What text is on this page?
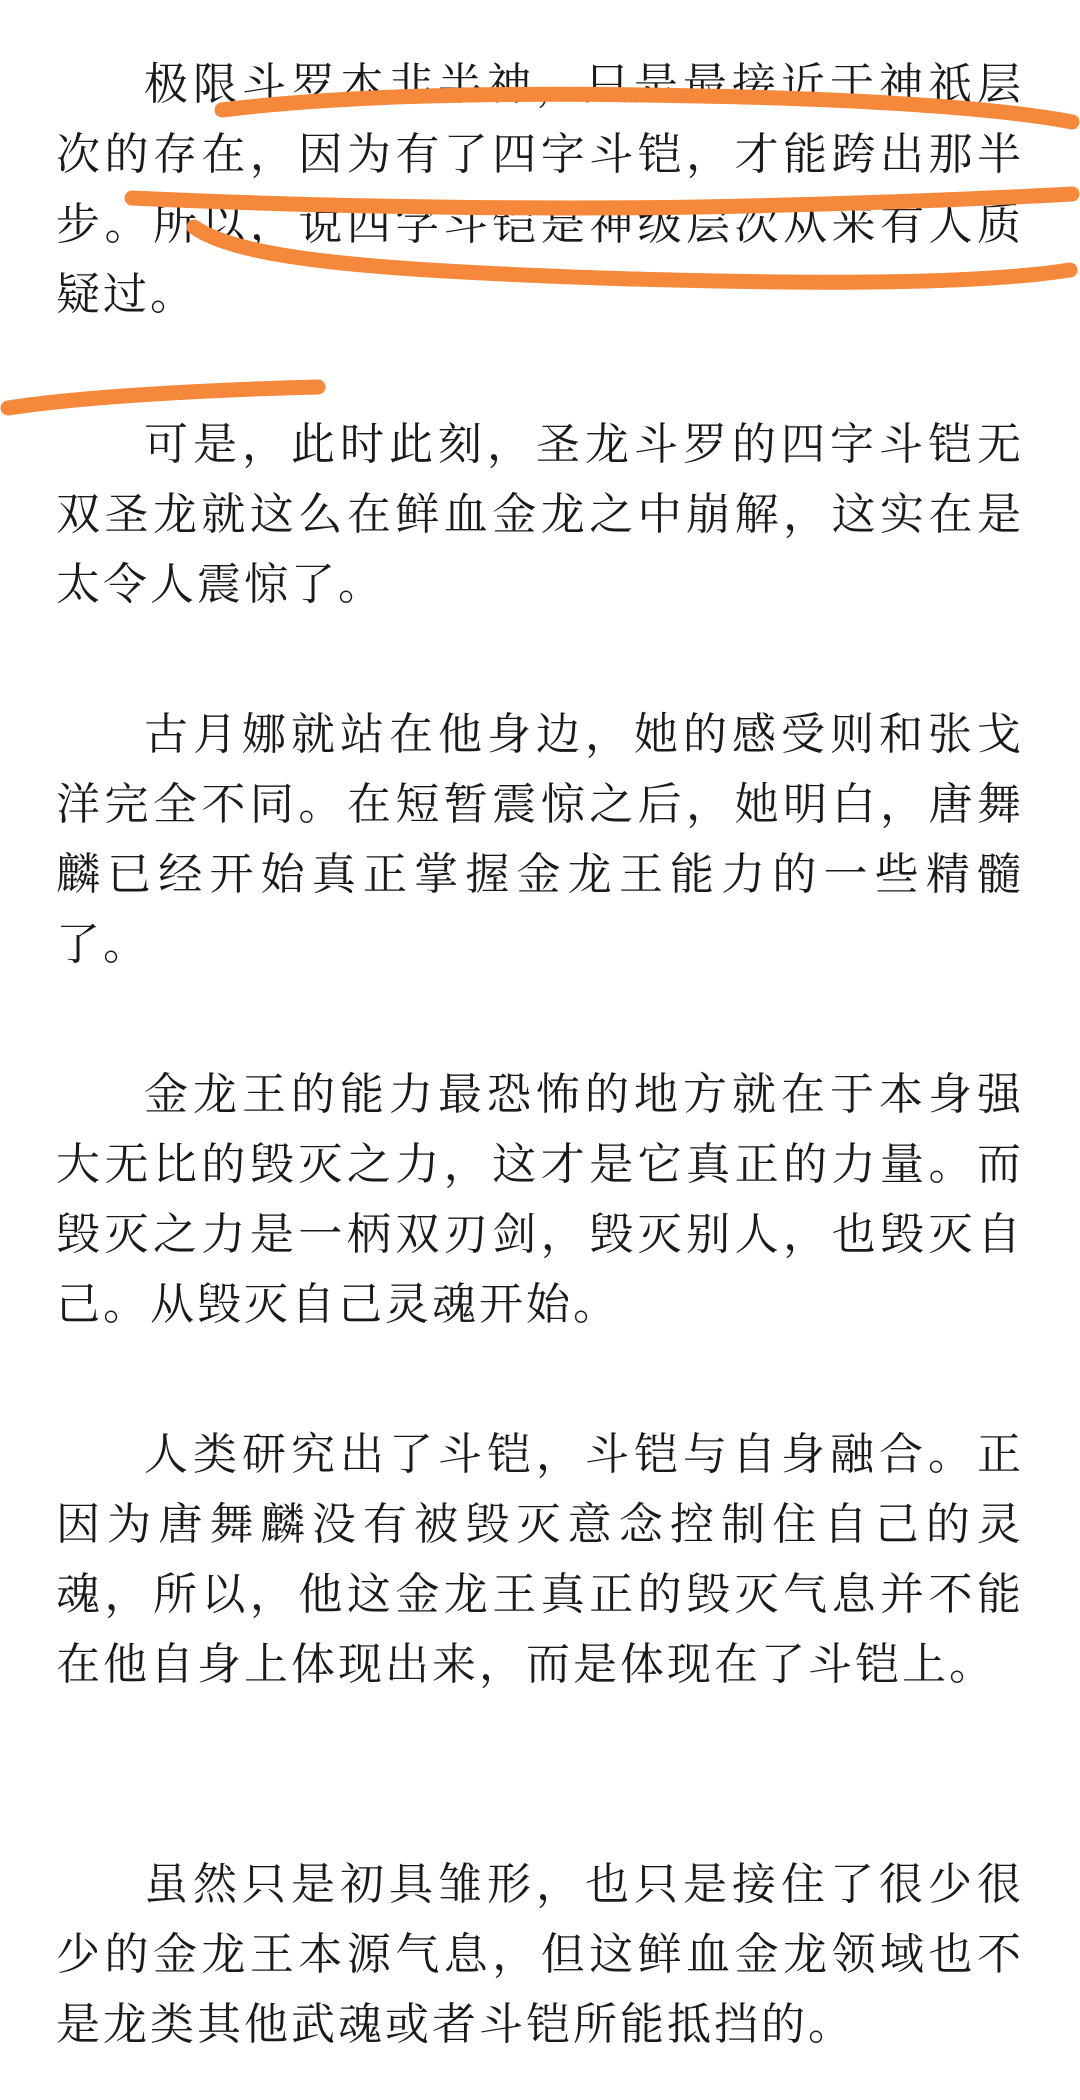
极限斗罗本非半神，只是最接近于神祇层次的存在，因为有了四字斗铠，才能跨出那半步。所以，说四字斗铠是神级层次从来有人质疑过。

可是，此时此刻，圣龙斗罗的四字斗铠无双圣龙就这么在鲜血金龙之中崩解，这实在是太令人震惊了。

古月娜就站在他身边，她的感受则和张戈洋完全不同。在短暂震惊之后，她明白，唐舞麟已经开始真正掌握金龙王能力的一些精髓了。

金龙王的能力最恐怖的地方就在于本身强大无比的毁灭之力，这才是它真正的力量。而毁灭之力是一柄双刃剑，毁灭别人，也毁灭自己。从毁灭自己灵魂开始。

人类研究出了斗铠，斗铠与自身融合。正因为唐舞麟没有被毁灭意念控制住自己的灵魂，所以，他这金龙王真正的毁灭气息并不能在他自身上体现出来，而是体现在了斗铠上。

虽然只是初具雏形，也只是接住了很少很少的金龙王本源气息，但这鲜血金龙领域也不是龙类其他武魂或者斗铠所能抵挡的。
